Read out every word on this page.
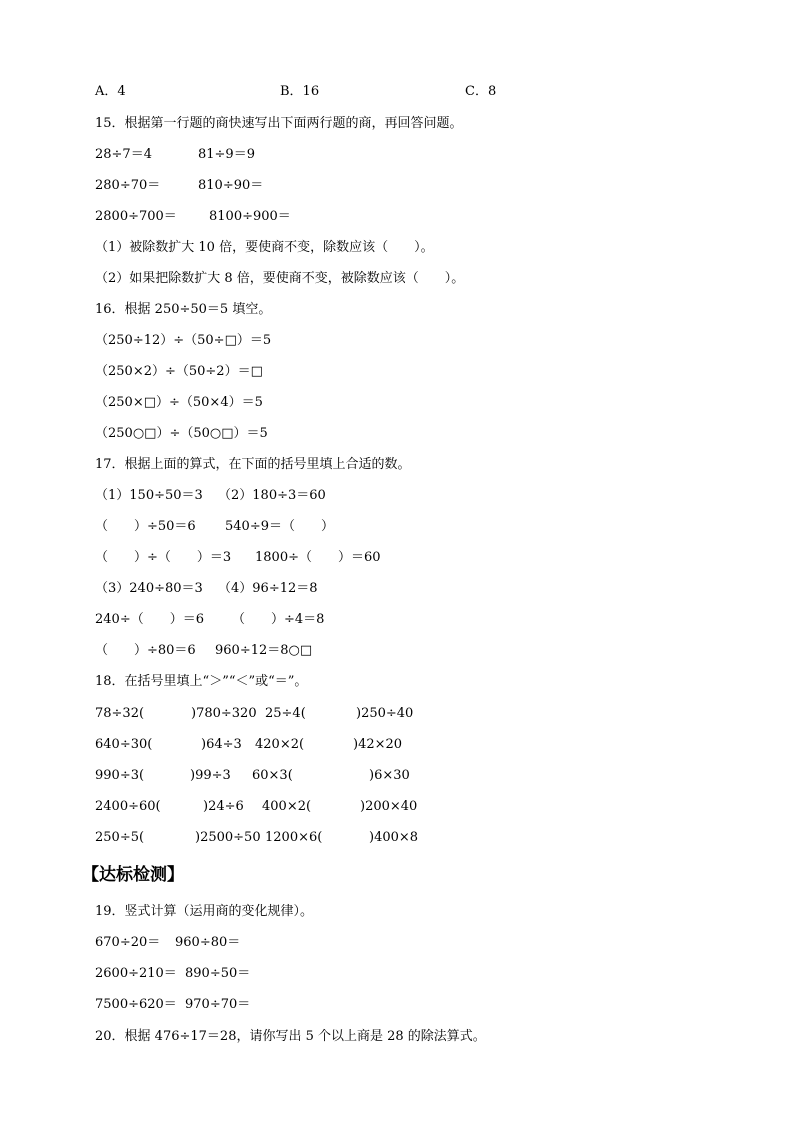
A．4	B．16	C．8
15．根据第一行题的商快速写出下面两行题的商，再回答问题。
28÷7＝4	81÷9＝9
280÷70＝	810÷90＝
2800÷700＝ 8100÷900＝
（1）被除数扩大 10 倍，要使商不变，除数应该（　　）。
（2）如果把除数扩大 8 倍，要使商不变，被除数应该（　　）。
16．根据 250÷50＝5 填空。
（250÷12）÷（50÷□）＝5
（250×2）÷（50÷2）＝□
（250×□）÷（50×4）＝5
（250○□）÷（50○□）＝5
17．根据上面的算式，在下面的括号里填上合适的数。
（1）150÷50＝3 （2）180÷3＝60
（　　）÷50＝6 540÷9＝（　　）
（　　）÷（　　）＝3 1800÷（　　）＝60
（3）240÷80＝3 （4）96÷12＝8
240÷（　　）＝6 （　　）÷4＝8
（　　）÷80＝6 960÷12＝8○□
18．在括号里填上“＞”“＜”或“＝”。
78÷32(	)780÷320 25÷4(	)250÷40
640÷30(	)64÷3 420×2(	)42×20
990÷3(	)99÷3 60×3(	)6×30
2400÷60(	)24÷6 400×2(	)200×40
250÷5(	)2500÷50 1200×6(	)400×8
【达标检测】
19．竖式计算（运用商的变化规律）。
670÷20＝ 960÷80＝
2600÷210＝ 890÷50＝
7500÷620＝ 970÷70＝
20．根据 476÷17＝28，请你写出 5 个以上商是 28 的除法算式。
